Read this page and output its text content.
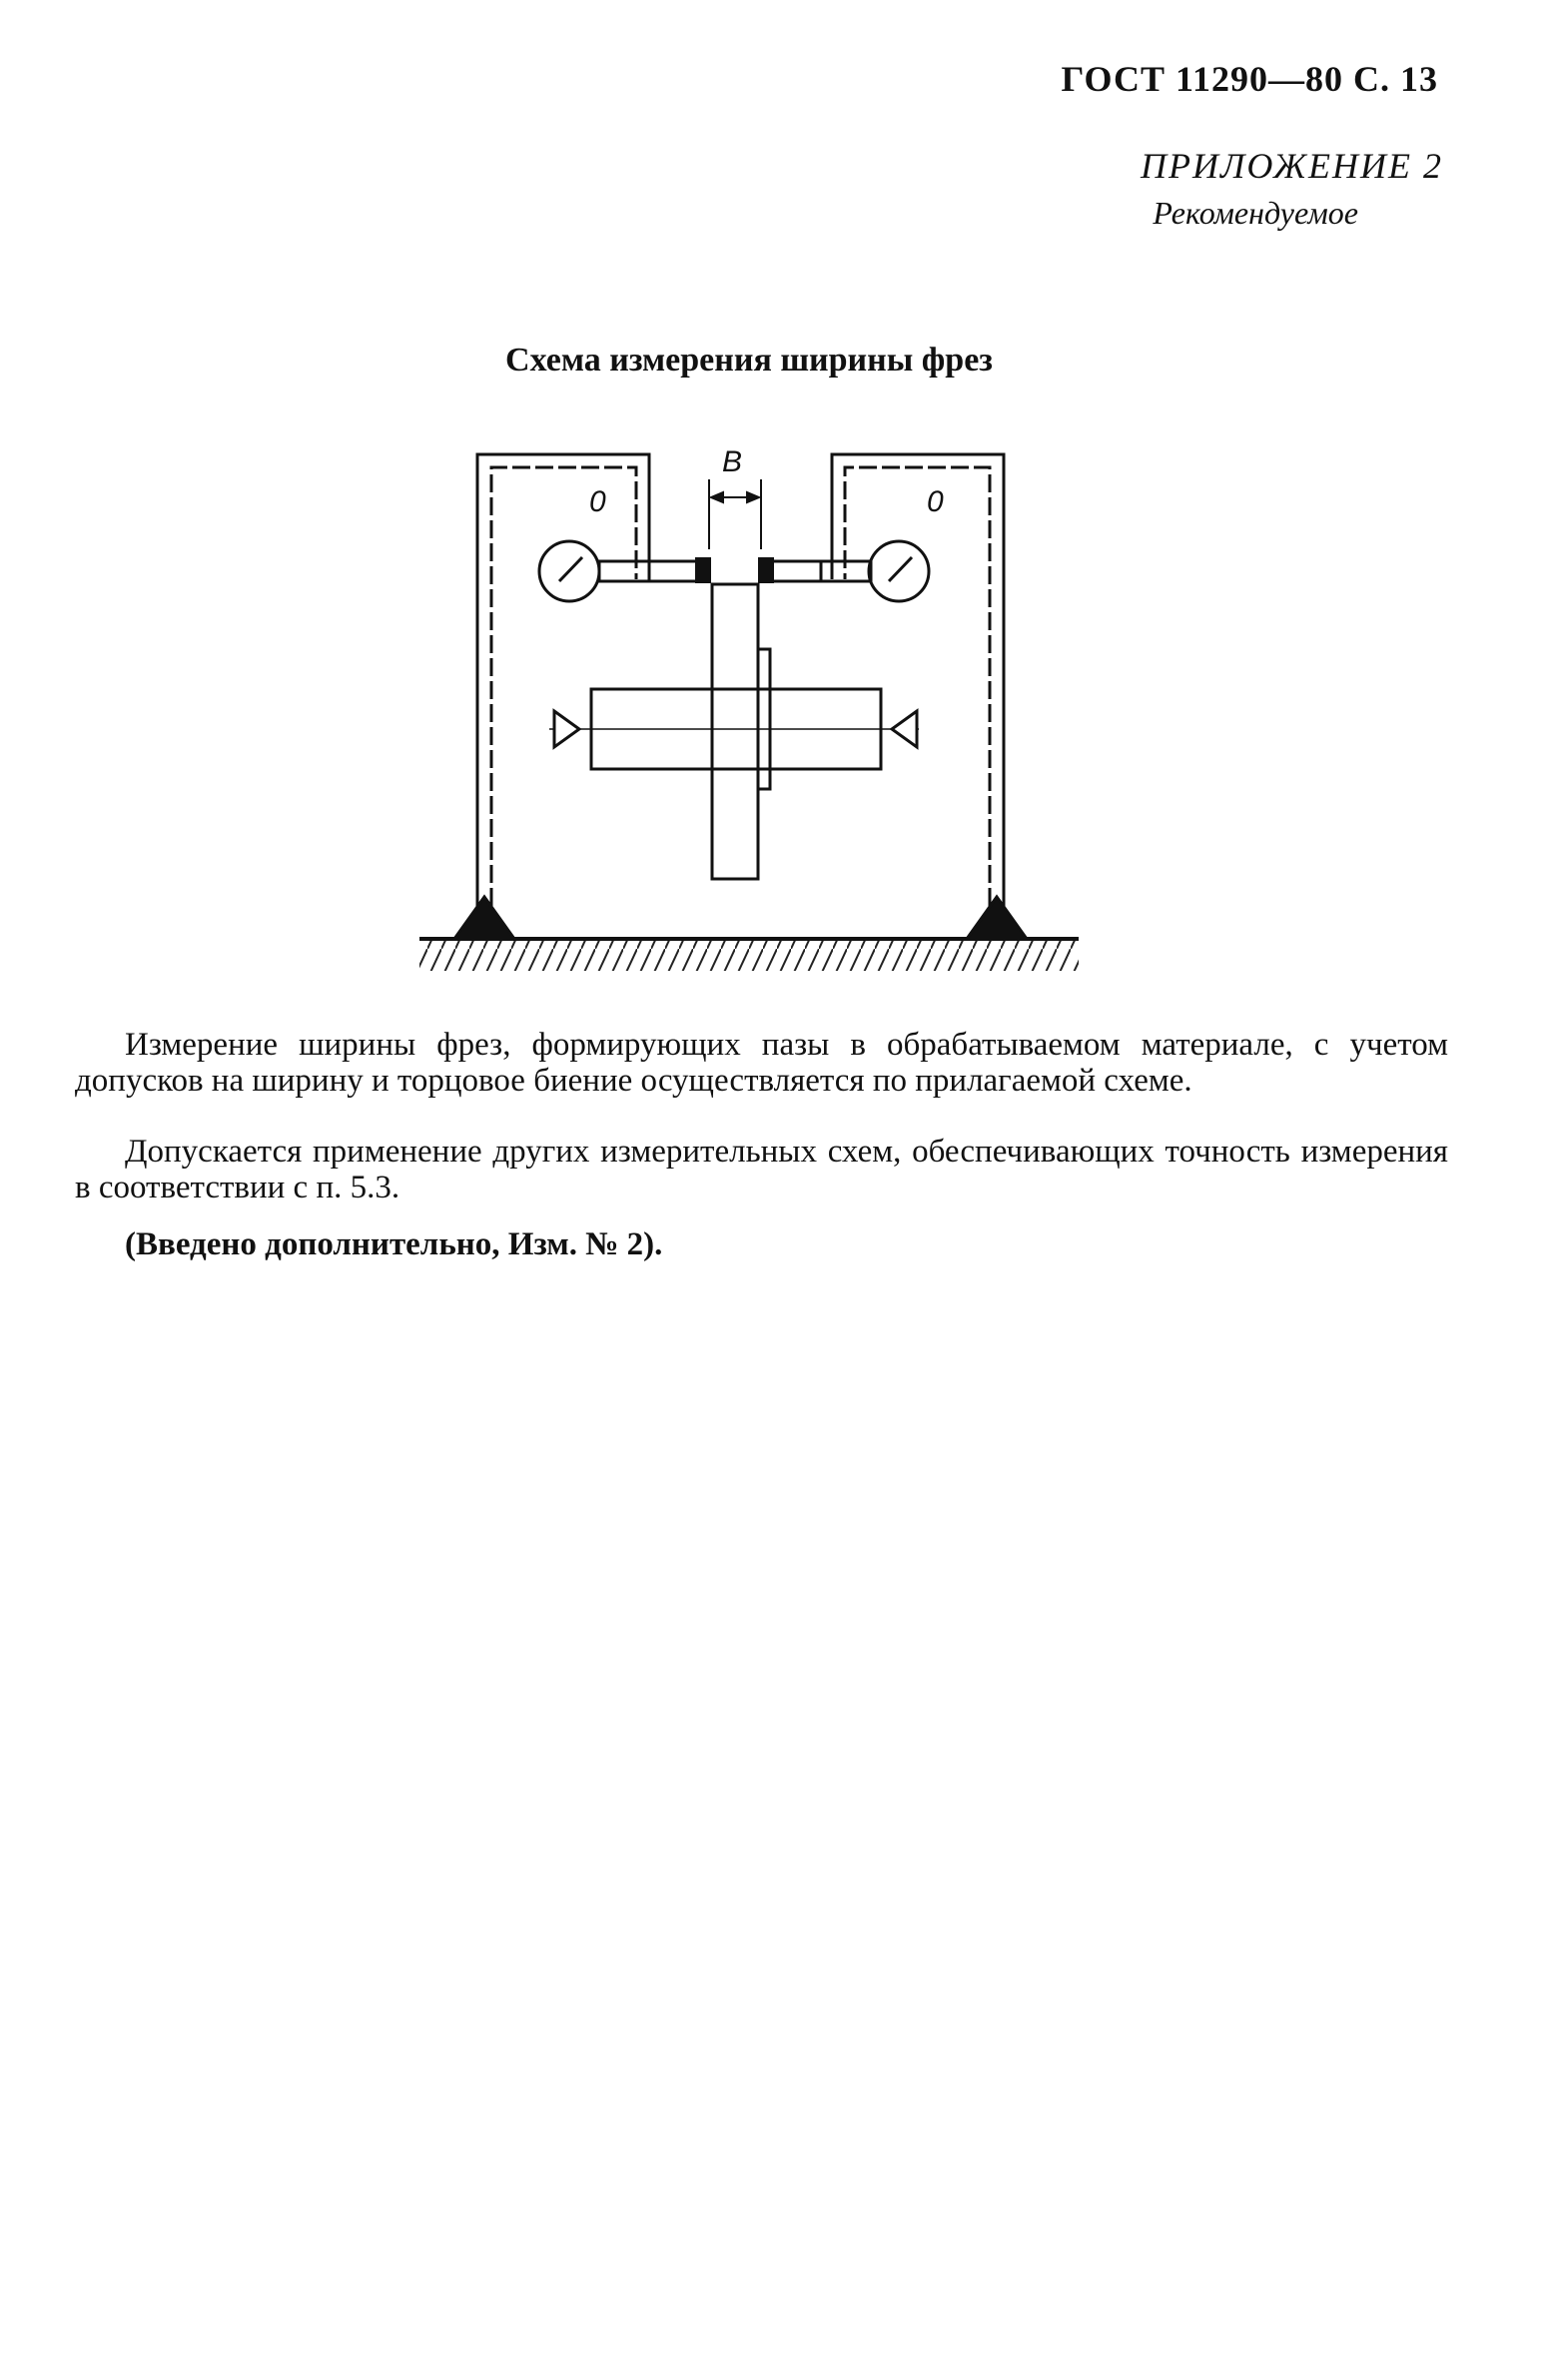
ГОСТ 11290—80 С. 13
ПРИЛОЖЕНИЕ 2
Рекомендуемое
Схема измерения ширины фрез
0	0
B
Измерение ширины фрез, формирующих пазы в обрабатываемом материале, с учетом допусков на ширину и торцовое биение осуществляется по прилагаемой схеме.
Допускается применение других измерительных схем, обеспечивающих точность измерения в соответствии с п. 5.3.
(Введено дополнительно, Изм. № 2).
